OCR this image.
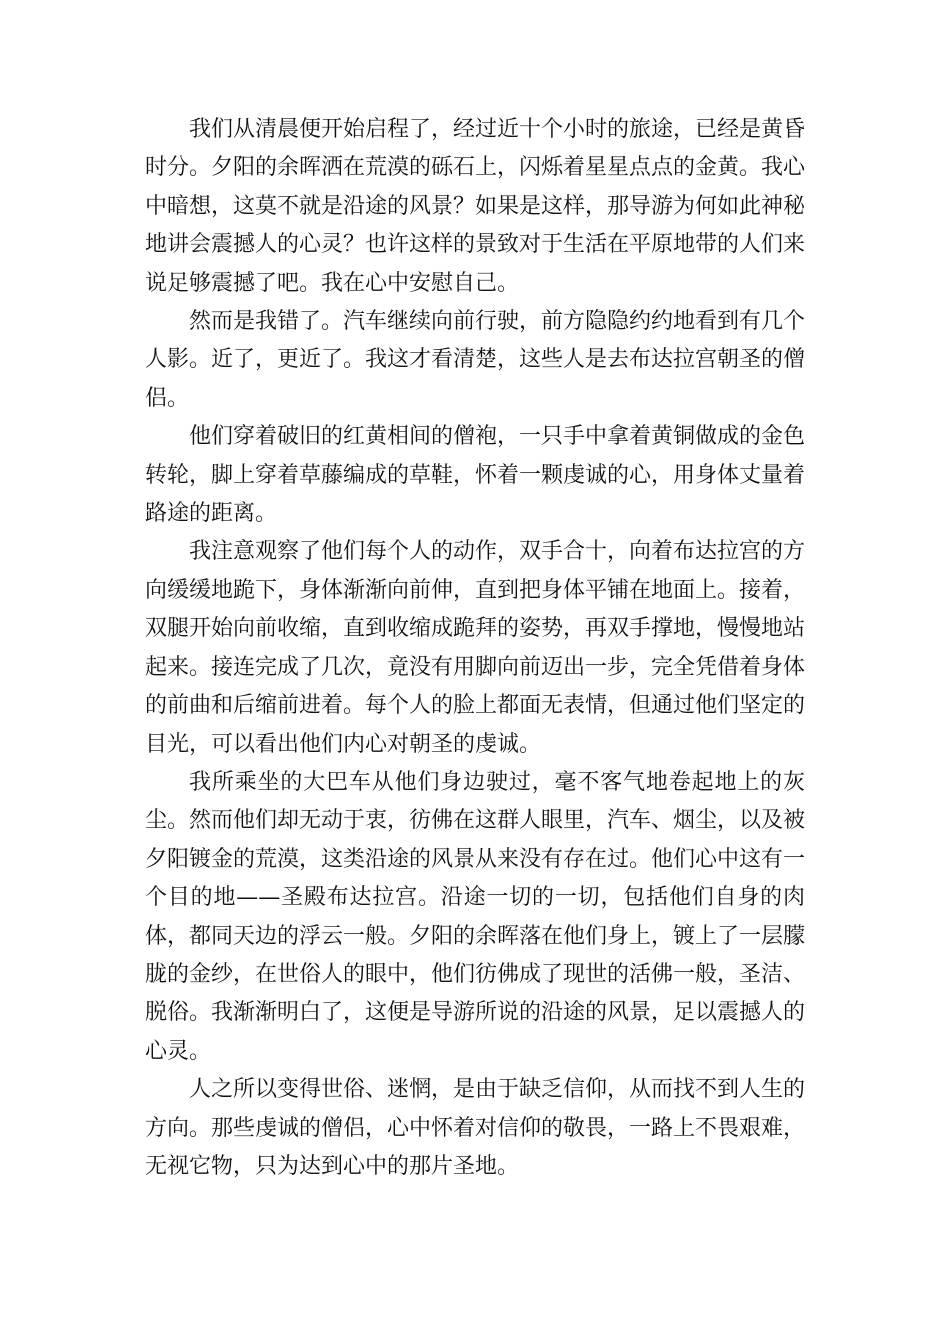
我们从清晨便开始启程了，经过近十个小时的旅途，已经是黄昏时分。夕阳的余晖洒在荒漠的砾石上，闪烁着星星点点的金黄。我心中暗想，这莫不就是沿途的风景？如果是这样，那导游为何如此神秘地讲会震撼人的心灵？也许这样的景致对于生活在平原地带的人们来说足够震撼了吧。我在心中安慰自己。

然而是我错了。汽车继续向前行驶，前方隐隐约约地看到有几个人影。近了，更近了。我这才看清楚，这些人是去布达拉宫朝圣的僧侣。

他们穿着破旧的红黄相间的僧袍，一只手中拿着黄铜做成的金色转轮，脚上穿着草藤编成的草鞋，怀着一颗虔诚的心，用身体丈量着路途的距离。

我注意观察了他们每个人的动作，双手合十，向着布达拉宫的方向缓缓地跪下，身体渐渐向前伸，直到把身体平铺在地面上。接着，双腿开始向前收缩，直到收缩成跪拜的姿势，再双手撑地，慢慢地站起来。接连完成了几次，竟没有用脚向前迈出一步，完全凭借着身体的前曲和后缩前进着。每个人的脸上都面无表情，但通过他们坚定的目光，可以看出他们内心对朝圣的虔诚。

我所乘坐的大巴车从他们身边驶过，毫不客气地卷起地上的灰尘。然而他们却无动于衷，彷佛在这群人眼里，汽车、烟尘，以及被夕阳镀金的荒漠，这类沿途的风景从来没有存在过。他们心中这有一个目的地——圣殿布达拉宫。沿途一切的一切，包括他们自身的肉体，都同天边的浮云一般。夕阳的余晖落在他们身上，镀上了一层朦胧的金纱，在世俗人的眼中，他们彷佛成了现世的活佛一般，圣洁、脱俗。我渐渐明白了，这便是导游所说的沿途的风景，足以震撼人的心灵。

人之所以变得世俗、迷惘，是由于缺乏信仰，从而找不到人生的方向。那些虔诚的僧侣，心中怀着对信仰的敬畏，一路上不畏艰难，无视它物，只为达到心中的那片圣地。
